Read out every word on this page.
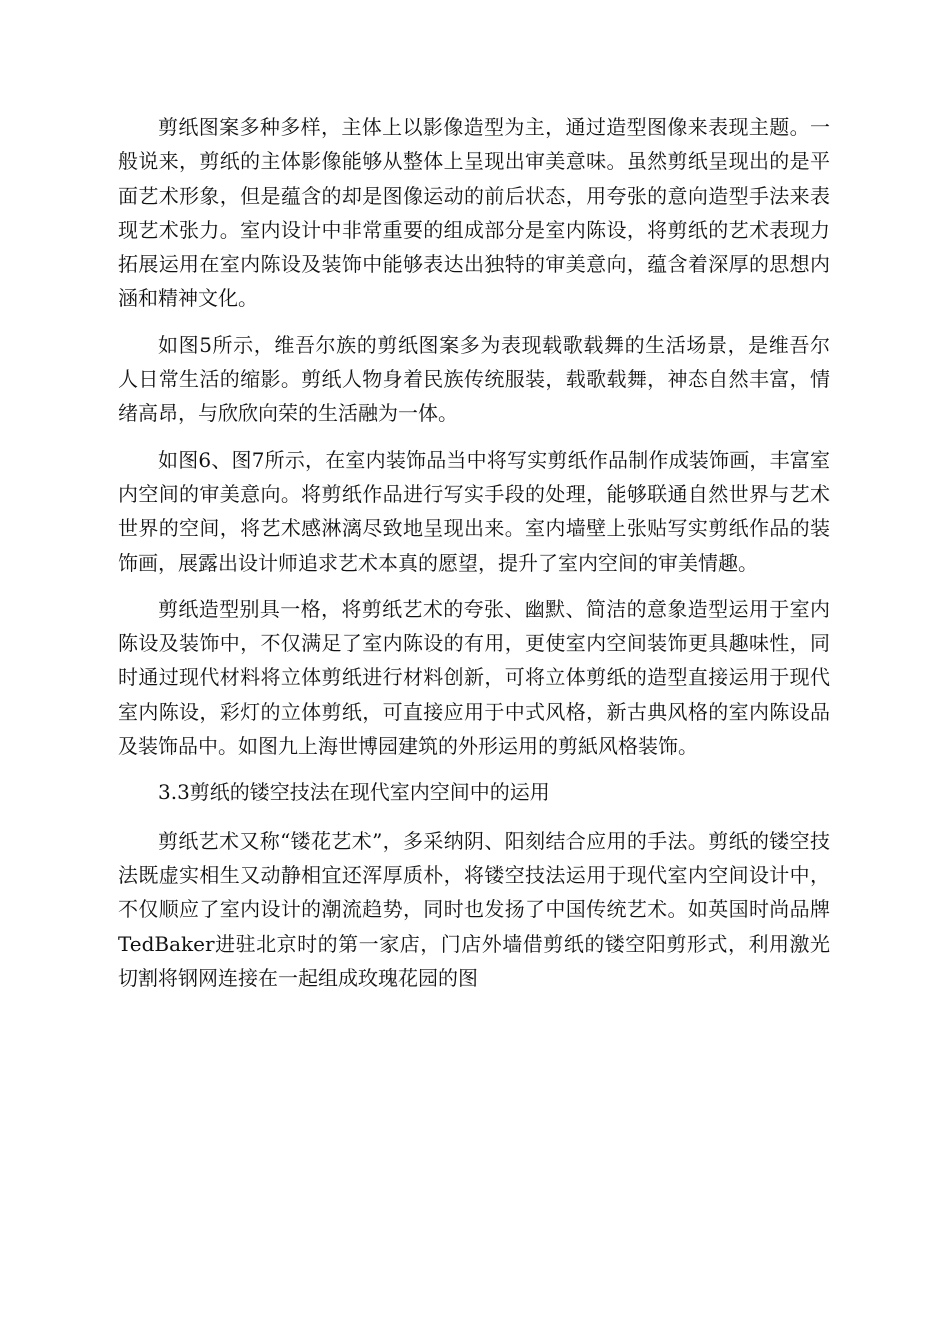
剪纸图案多种多样，主体上以影像造型为主，通过造型图像来表现主题。一般说来，剪纸的主体影像能够从整体上呈现出审美意味。虽然剪纸呈现出的是平面艺术形象，但是蕴含的却是图像运动的前后状态，用夸张的意向造型手法来表现艺术张力。室内设计中非常重要的组成部分是室内陈设，将剪纸的艺术表现力拓展运用在室内陈设及装饰中能够表达出独特的审美意向，蕴含着深厚的思想内涵和精神文化。

如图5所示，维吾尔族的剪纸图案多为表现载歌载舞的生活场景，是维吾尔人日常生活的缩影。剪纸人物身着民族传统服装，载歌载舞，神态自然丰富，情绪高昂，与欣欣向荣的生活融为一体。

如图6、图7所示，在室内装饰品当中将写实剪纸作品制作成装饰画，丰富室内空间的审美意向。将剪纸作品进行写实手段的处理，能够联通自然世界与艺术世界的空间，将艺术感淋漓尽致地呈现出来。室内墙壁上张贴写实剪纸作品的装饰画，展露出设计师追求艺术本真的愿望，提升了室内空间的审美情趣。

剪纸造型别具一格，将剪纸艺术的夸张、幽默、简洁的意象造型运用于室内陈设及装饰中，不仅满足了室内陈设的有用，更使室内空间装饰更具趣味性，同时通过现代材料将立体剪纸进行材料创新，可将立体剪纸的造型直接运用于现代室内陈设，彩灯的立体剪纸，可直接应用于中式风格，新古典风格的室内陈设品及装饰品中。如图九上海世博园建筑的外形运用的剪紙风格装饰。

3.3剪纸的镂空技法在现代室内空间中的运用

剪纸艺术又称“镂花艺术”，多采纳阴、阳刻结合应用的手法。剪纸的镂空技法既虚实相生又动静相宜还浑厚质朴，将镂空技法运用于现代室内空间设计中，不仅顺应了室内设计的潮流趋势，同时也发扬了中国传统艺术。如英国时尚品牌TedBaker进驻北京时的第一家店，门店外墙借剪纸的镂空阳剪形式，利用激光切割将钢网连接在一起组成玫瑰花园的图
